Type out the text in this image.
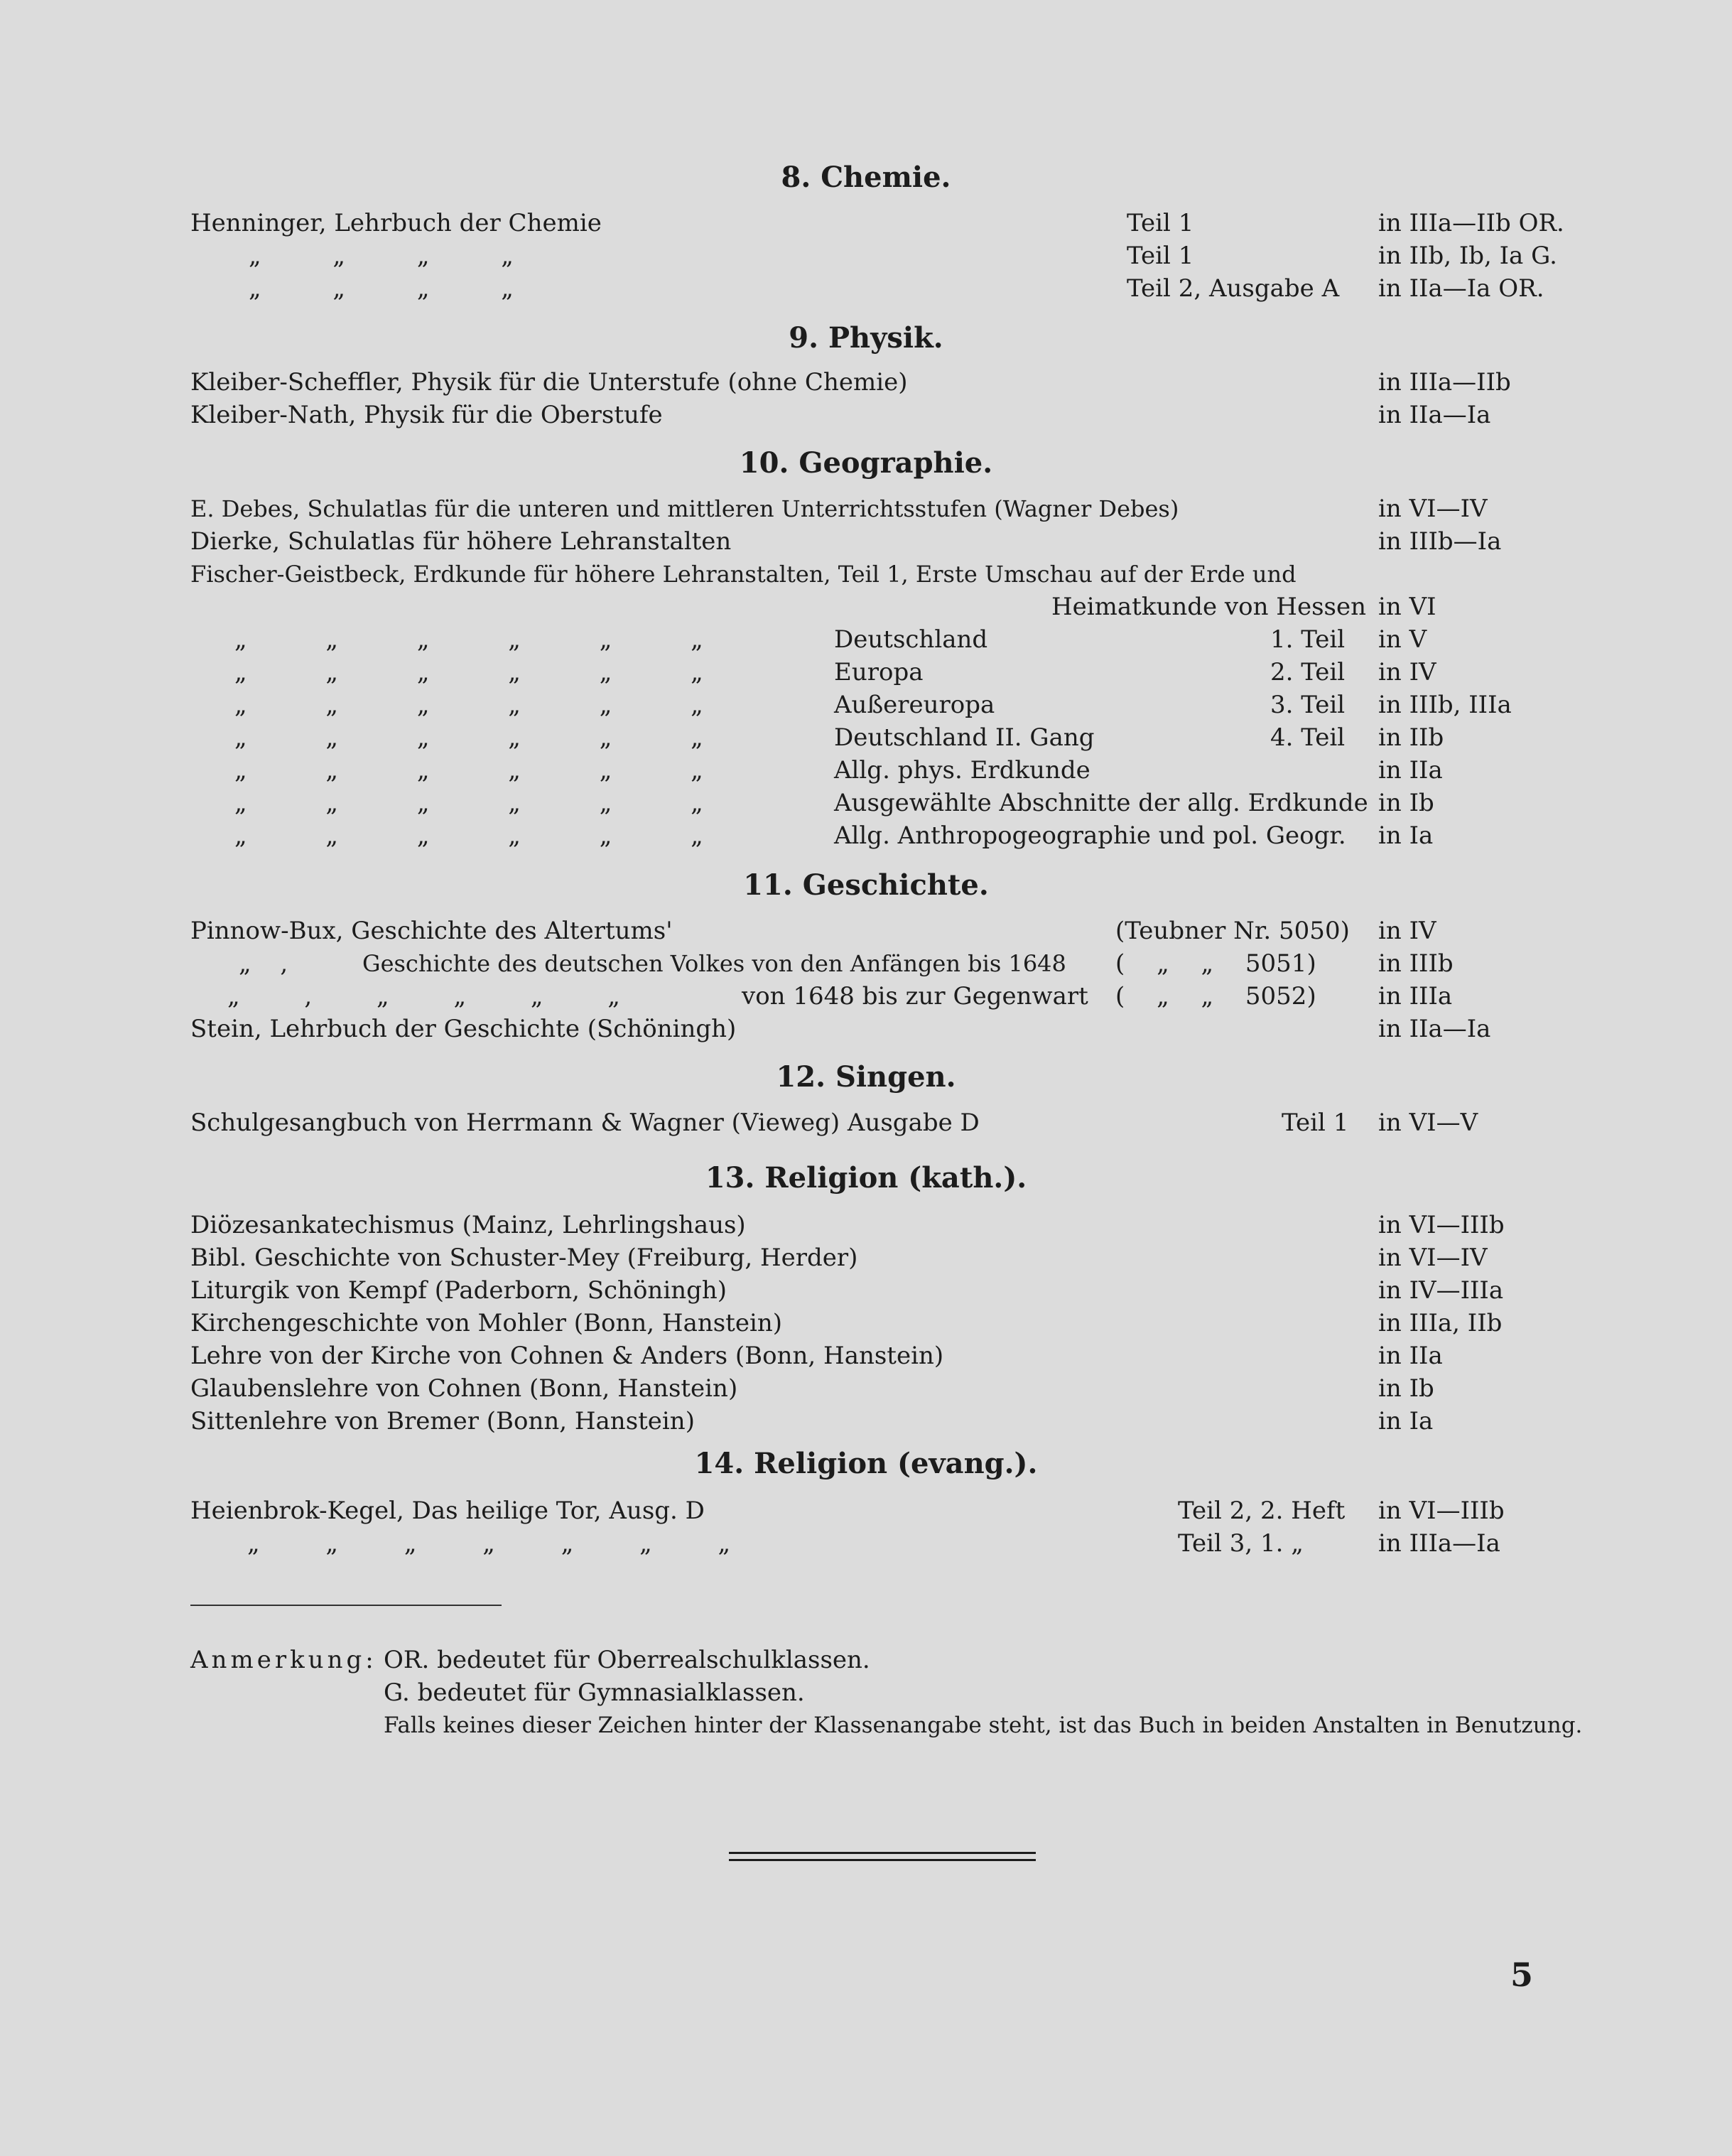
8. Chemie.
Henninger, Lehrbuch der Chemie	Teil 1	in IIIa—IIb OR.
„ „ „ „	Teil 1	in IIb, Ib, Ia G.
„ „ „ „	Teil 2, Ausgabe A in IIa—Ia OR.
9. Physik.
Kleiber-Scheffler, Physik für die Unterstufe (ohne Chemie)	in IIIa—IIb
Kleiber-Nath, Physik für die Oberstufe	in IIa—Ia
10. Geographie.
E. Debes, Schulatlas für die unteren und mittleren Unterrichtsstufen (Wagner Debes)	in VI—IV
Dierke, Schulatlas für höhere Lehranstalten	in IIIb—Ia
Fischer-Geistbeck, Erdkunde für höhere Lehranstalten, Teil 1, Erste Umschau auf der Erde und
Heimatkunde von Hessen in VI
„ „ „ „ „ „	Deutschland	1. Teil in V
„ „ „ „ „ „	Europa	2. Teil in IV
„ „ „ „ „ „	Außereuropa	3. Teil in IIIb, IIIa
„ „ „ „ „ „	Deutschland II. Gang	4. Teil in IIb
„ „ „ „ „ „	Allg. phys. Erdkunde	in IIa
„ „ „ „ „ „	Ausgewählte Abschnitte der allg. Erdkunde in Ib
„ „ „ „ „ „	Allg. Anthropogeographie und pol. Geogr. in Ia
11. Geschichte.
Pinnow-Bux, Geschichte des Altertums'	(Teubner Nr. 5050) in IV
„ ,	Geschichte des deutschen Volkes von den Anfängen bis 1648 ( „ „ 5051)	in IIIb
„ , „ „ „ „	von 1648 bis zur Gegenwart ( „ „ 5052)	in IIIa
Stein, Lehrbuch der Geschichte (Schöningh)	in IIa—Ia
12. Singen.
Schulgesangbuch von Herrmann & Wagner (Vieweg) Ausgabe D	Teil 1 in VI—V
13. Religion (kath.).
Diözesankatechismus (Mainz, Lehrlingshaus)	in VI—IIIb
Bibl. Geschichte von Schuster-Mey (Freiburg, Herder)	in VI—IV
Liturgik von Kempf (Paderborn, Schöningh)	in IV—IIIa
Kirchengeschichte von Mohler (Bonn, Hanstein)	in IIIa, IIb
Lehre von der Kirche von Cohnen & Anders (Bonn, Hanstein)	in IIa
Glaubenslehre von Cohnen (Bonn, Hanstein)	in Ib
Sittenlehre von Bremer (Bonn, Hanstein)	in Ia
14. Religion (evang.).
Heienbrok-Kegel, Das heilige Tor, Ausg. D	Teil 2, 2. Heft in VI—IIIb
„ „ „ „ „ „ „	Teil 3, 1. „	in IIIa—Ia
Anmerkung: OR. bedeutet für Oberrealschulklassen.
G. bedeutet für Gymnasialklassen.
Falls keines dieser Zeichen hinter der Klassenangabe steht, ist das Buch in beiden Anstalten in Benutzung.
5
